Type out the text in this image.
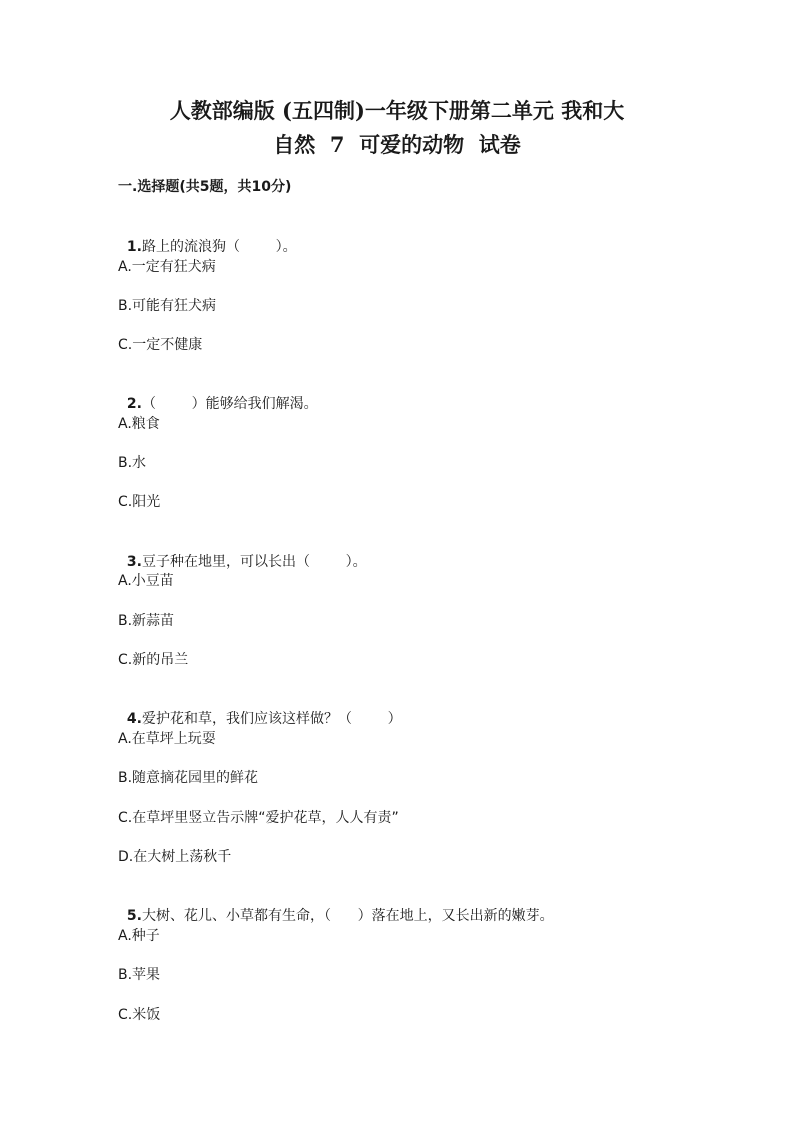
人教部编版 (五四制)一年级下册第二单元 我和大
自然  7  可爱的动物  试卷
一.选择题(共5题，共10分)

1.路上的流浪狗（        ）。

A.一定有狂犬病
B.可能有狂犬病
C.一定不健康

2.（        ）能够给我们解渴。

A.粮食
B.水
C.阳光

3.豆子种在地里，可以长出（        ）。

A.小豆苗
B.新蒜苗
C.新的吊兰

4.爱护花和草，我们应该这样做？（        ）

A.在草坪上玩耍
B.随意摘花园里的鲜花
C.在草坪里竖立告示牌“爱护花草，人人有责”
D.在大树上荡秋千

5.大树、花儿、小草都有生命，（      ）落在地上，又长出新的嫩芽。

A.种子
B.苹果
C.米饭
